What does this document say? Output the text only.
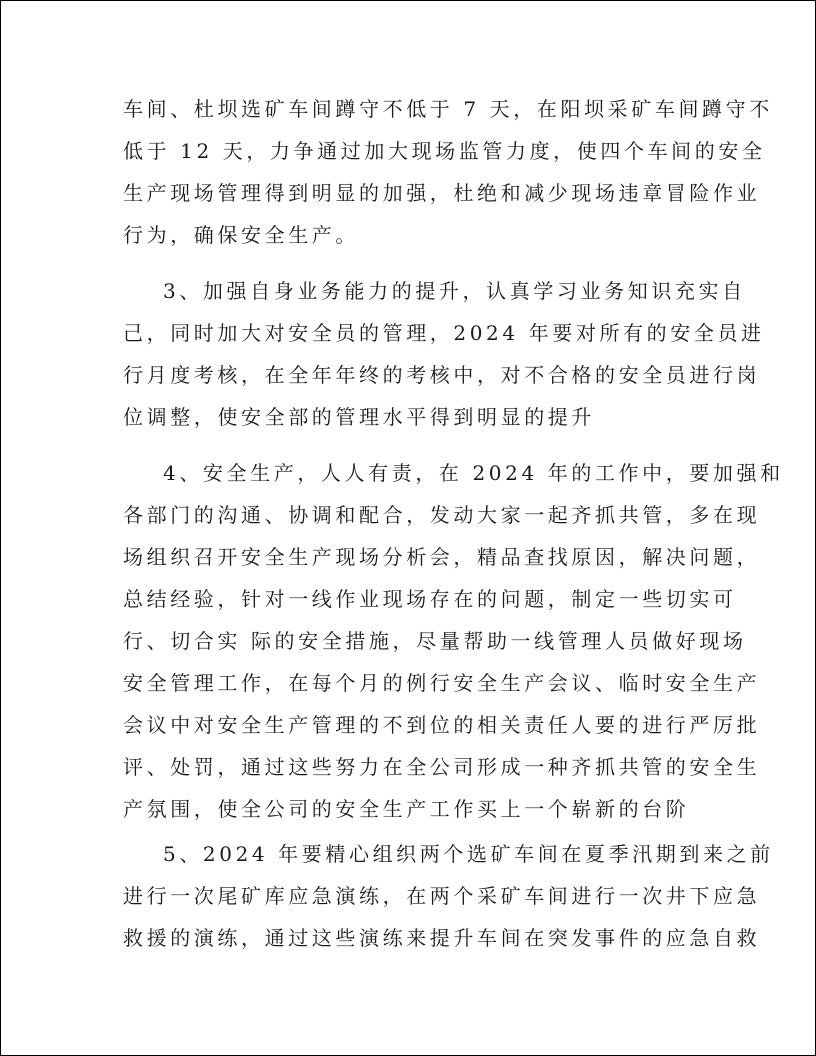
车间、杜坝选矿车间蹲守不低于 7 天，在阳坝采矿车间蹲守不
低于 12 天，力争通过加大现场监管力度，使四个车间的安全
生产现场管理得到明显的加强，杜绝和减少现场违章冒险作业
行为，确保安全生产。
3、加强自身业务能力的提升，认真学习业务知识充实自
己，同时加大对安全员的管理，2024 年要对所有的安全员进
行月度考核，在全年年终的考核中，对不合格的安全员进行岗
位调整，使安全部的管理水平得到明显的提升
4、安全生产，人人有责，在 2024 年的工作中，要加强和
各部门的沟通、协调和配合，发动大家一起齐抓共管，多在现
场组织召开安全生产现场分析会，精品查找原因，解决问题，
总结经验，针对一线作业现场存在的问题，制定一些切实可
行、切合实 际的安全措施，尽量帮助一线管理人员做好现场
安全管理工作，在每个月的例行安全生产会议、临时安全生产
会议中对安全生产管理的不到位的相关责任人要的进行严厉批
评、处罚，通过这些努力在全公司形成一种齐抓共管的安全生
产氛围，使全公司的安全生产工作买上一个崭新的台阶
5、2024 年要精心组织两个选矿车间在夏季汛期到来之前
进行一次尾矿库应急演练，在两个采矿车间进行一次井下应急
救援的演练，通过这些演练来提升车间在突发事件的应急自救
